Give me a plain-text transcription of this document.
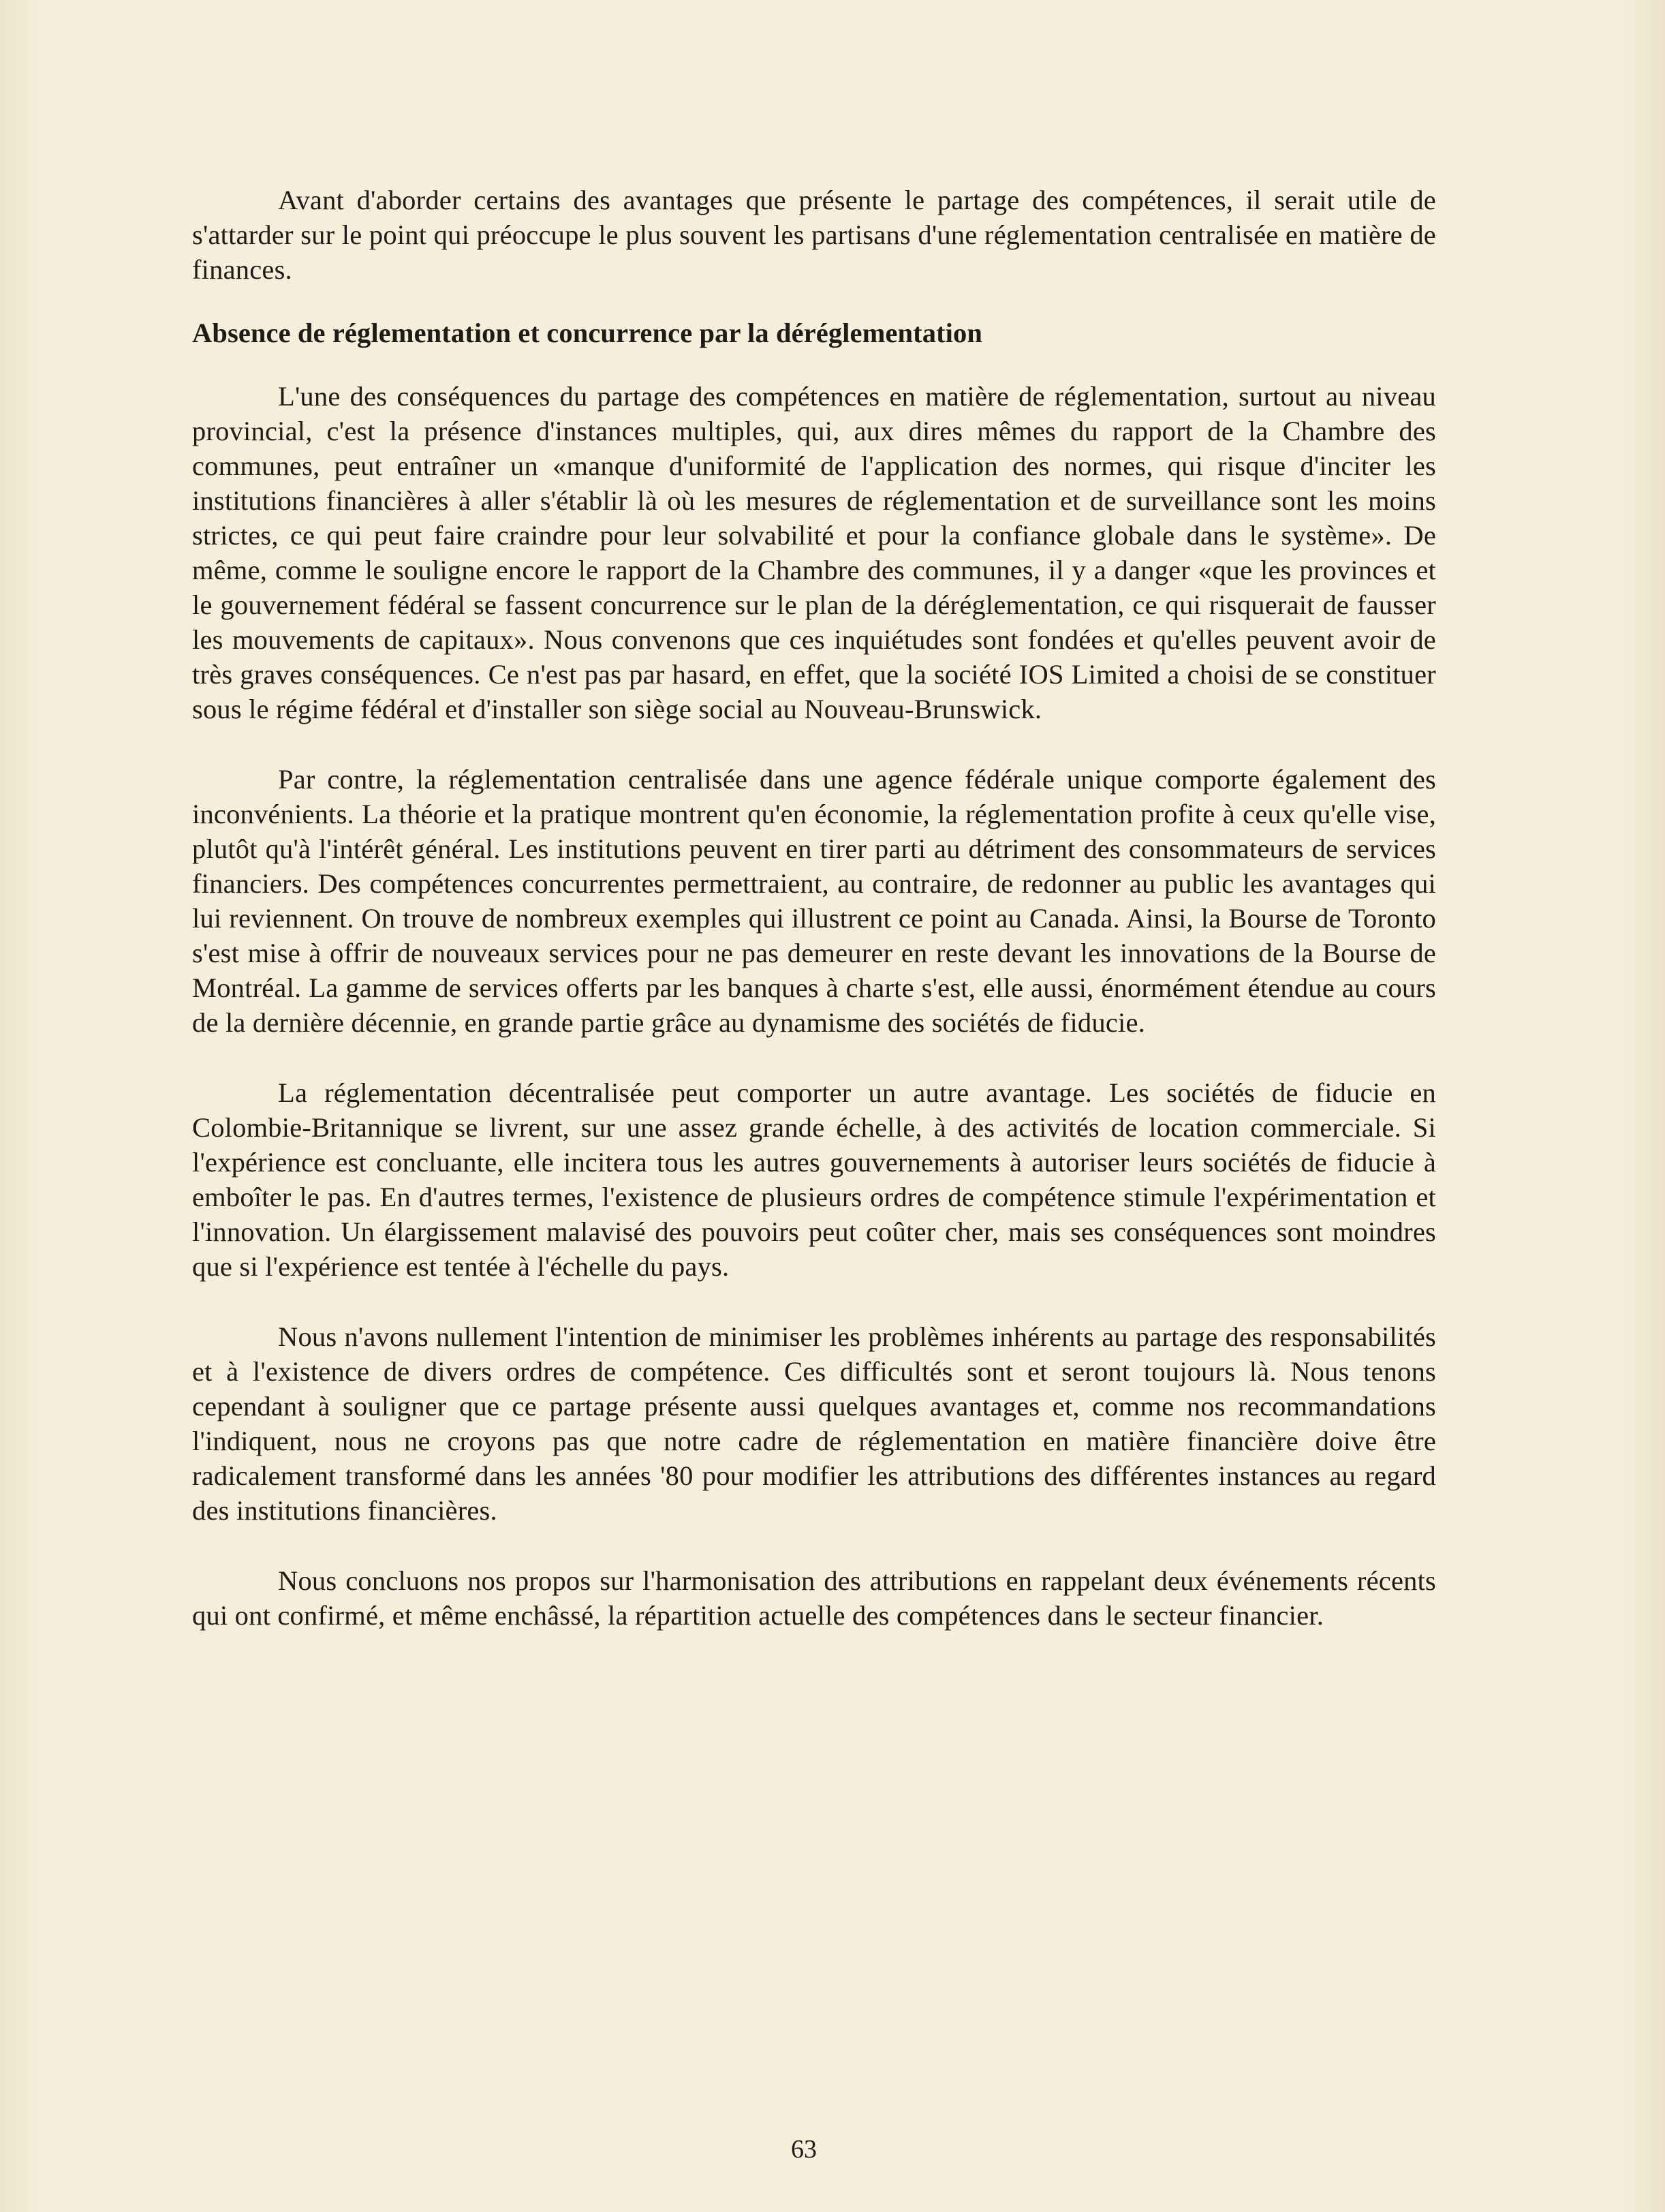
Avant d'aborder certains des avantages que présente le partage des compétences, il serait utile de s'attarder sur le point qui préoccupe le plus souvent les partisans d'une réglementation centralisée en matière de finances.

Absence de réglementation et concurrence par la déréglementation

L'une des conséquences du partage des compétences en matière de réglementation, surtout au niveau provincial, c'est la présence d'instances multiples, qui, aux dires mêmes du rapport de la Chambre des communes, peut entraîner un «manque d'uniformité de l'application des normes, qui risque d'inciter les institutions financières à aller s'établir là où les mesures de réglementation et de surveillance sont les moins strictes, ce qui peut faire craindre pour leur solvabilité et pour la confiance globale dans le système». De même, comme le souligne encore le rapport de la Chambre des communes, il y a danger «que les provinces et le gouvernement fédéral se fassent concurrence sur le plan de la déréglementation, ce qui risquerait de fausser les mouvements de capitaux». Nous convenons que ces inquiétudes sont fondées et qu'elles peuvent avoir de très graves conséquences. Ce n'est pas par hasard, en effet, que la société IOS Limited a choisi de se constituer sous le régime fédéral et d'installer son siège social au Nouveau-Brunswick.

Par contre, la réglementation centralisée dans une agence fédérale unique comporte également des inconvénients. La théorie et la pratique montrent qu'en économie, la réglementation profite à ceux qu'elle vise, plutôt qu'à l'intérêt général. Les institutions peuvent en tirer parti au détriment des consommateurs de services financiers. Des compétences concurrentes permettraient, au contraire, de redonner au public les avantages qui lui reviennent. On trouve de nombreux exemples qui illustrent ce point au Canada. Ainsi, la Bourse de Toronto s'est mise à offrir de nouveaux services pour ne pas demeurer en reste devant les innovations de la Bourse de Montréal. La gamme de services offerts par les banques à charte s'est, elle aussi, énormément étendue au cours de la dernière décennie, en grande partie grâce au dynamisme des sociétés de fiducie.

La réglementation décentralisée peut comporter un autre avantage. Les sociétés de fiducie en Colombie-Britannique se livrent, sur une assez grande échelle, à des activités de location commerciale. Si l'expérience est concluante, elle incitera tous les autres gouvernements à autoriser leurs sociétés de fiducie à emboîter le pas. En d'autres termes, l'existence de plusieurs ordres de compétence stimule l'expérimentation et l'innovation. Un élargissement malavisé des pouvoirs peut coûter cher, mais ses conséquences sont moindres que si l'expérience est tentée à l'échelle du pays.

Nous n'avons nullement l'intention de minimiser les problèmes inhérents au partage des responsabilités et à l'existence de divers ordres de compétence. Ces difficultés sont et seront toujours là. Nous tenons cependant à souligner que ce partage présente aussi quelques avantages et, comme nos recommandations l'indiquent, nous ne croyons pas que notre cadre de réglementation en matière financière doive être radicalement transformé dans les années '80 pour modifier les attributions des différentes instances au regard des institutions financières.

Nous concluons nos propos sur l'harmonisation des attributions en rappelant deux événements récents qui ont confirmé, et même enchâssé, la répartition actuelle des compétences dans le secteur financier.

63
